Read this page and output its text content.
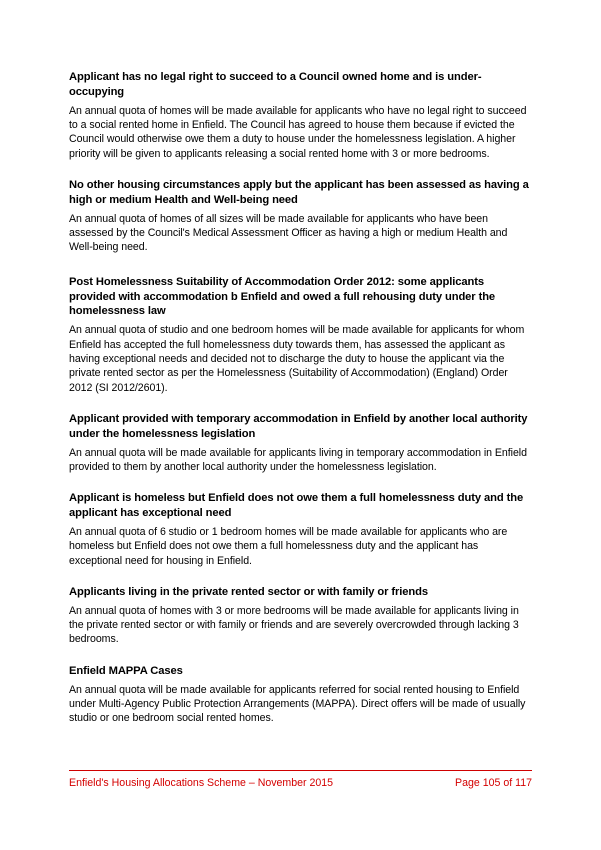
Applicant has no legal right to succeed to a Council owned home and is under-occupying

An annual quota of homes will be made available for applicants who have no legal right to succeed to a social rented home in Enfield. The Council has agreed to house them because if evicted the Council would otherwise owe them a duty to house under the homelessness legislation. A higher priority will be given to applicants releasing a social rented home with 3 or more bedrooms.

No other housing circumstances apply but the applicant has been assessed as having a high or medium Health and Well-being need

An annual quota of homes of all sizes will be made available for applicants who have been assessed by the Council's Medical Assessment Officer as having a high or medium Health and Well-being need.

Post Homelessness Suitability of Accommodation Order 2012: some applicants provided with accommodation b Enfield and owed a full rehousing duty under the homelessness law

An annual quota of studio and one bedroom homes will be made available for applicants for whom Enfield has accepted the full homelessness duty towards them, has assessed the applicant as having exceptional needs and decided not to discharge the duty to house the applicant via the private rented sector as per the Homelessness (Suitability of Accommodation) (England) Order 2012 (SI 2012/2601).

Applicant provided with temporary accommodation in Enfield by another local authority under the homelessness legislation

An annual quota will be made available for applicants living in temporary accommodation in Enfield provided to them by another local authority under the homelessness legislation.

Applicant is homeless but Enfield does not owe them a full homelessness duty and the applicant has exceptional need

An annual quota of 6 studio or 1 bedroom homes will be made available for applicants who are homeless but Enfield does not owe them a full homelessness duty and the applicant has exceptional need for housing in Enfield.

Applicants living in the private rented sector or with family or friends

An annual quota of homes with 3 or more bedrooms will be made available for applicants living in the private rented sector or with family or friends and are severely overcrowded through lacking 3 bedrooms.

Enfield MAPPA Cases

An annual quota will be made available for applicants referred for social rented housing to Enfield under Multi-Agency Public Protection Arrangements (MAPPA). Direct offers will be made of usually studio or one bedroom social rented homes.

Enfield's Housing Allocations Scheme – November 2015	Page 105 of 117
